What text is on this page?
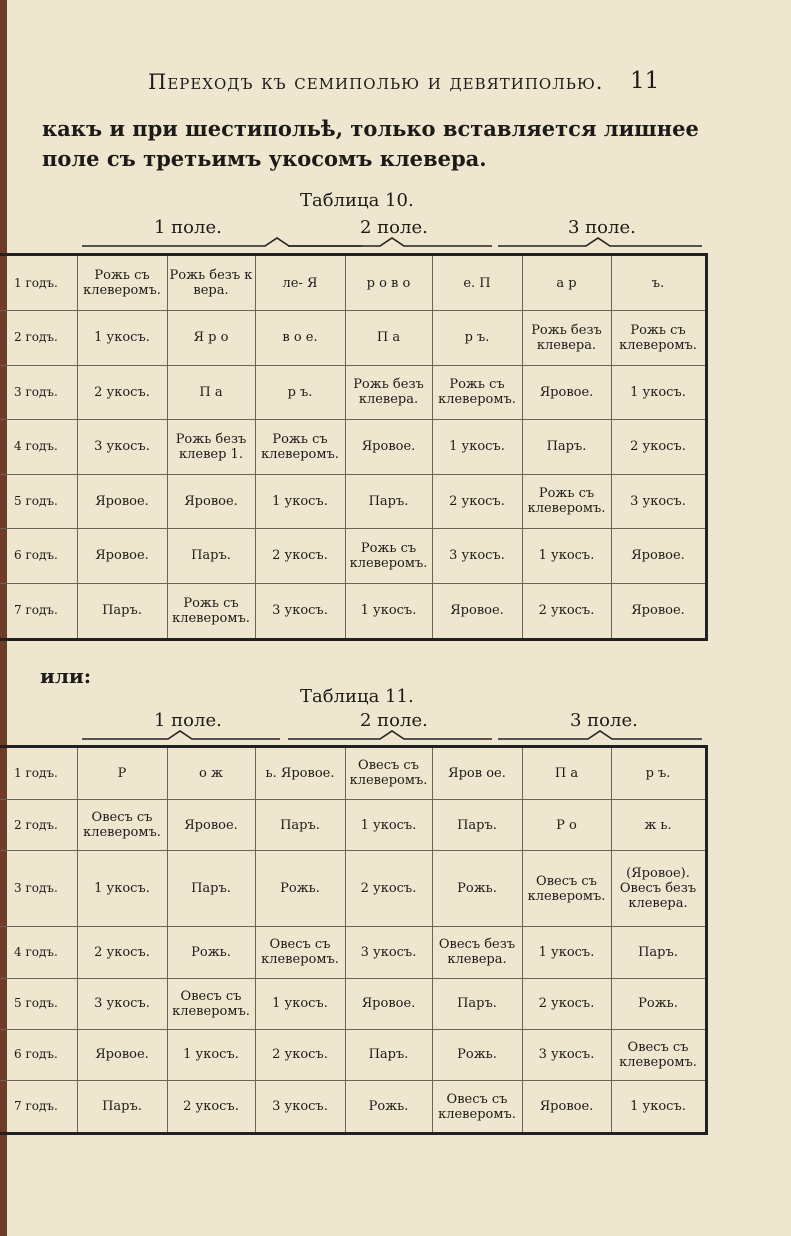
Переходъ къ семиполью и девятиполью. 11
какъ и при шестипольѣ, только вставляется лишнее поле съ третьимъ укосомъ клевера.
Таблица 10.
1 поле.	2 поле.	3 поле.
1 годъ.	Рожь съ клеверомъ.	Рожь безъ к вера.	ле- Я	р о в о	е. П	а р	ъ.
2 годъ.	1 укосъ.	Я р о	в о е.	П а	р ъ.	Рожь безъ клевера.	Рожь съ клеверомъ.
3 годъ.	2 укосъ.	П а	р ъ.	Рожь безъ клевера.	Рожь съ клеверомъ.	Яровое.	1 укосъ.
4 годъ.	3 укосъ.	Рожь безъ клевер 1.	Рожь съ клеверомъ.	Яровое.	1 укосъ.	Паръ.	2 укосъ.
5 годъ.	Яровое.	Яровое.	1 укосъ.	Паръ.	2 укосъ.	Рожь съ клеверомъ.	3 укосъ.
6 годъ.	Яровое.	Паръ.	2 укосъ.	Рожь съ клеверомъ.	3 укосъ.	1 укосъ.	Яровое.
7 годъ.	Паръ.	Рожь съ клеверомъ.	3 укосъ.	1 укосъ.	Яровое.	2 укосъ.	Яровое.
или:
Таблица 11.
1 поле.	2 поле.	3 поле.
1 годъ.	Р	о ж	ь. Яровое.	Овесъ съ клеверомъ.	Яров ое.	П а	р ъ.
2 годъ.	Овесъ съ клеверомъ.	Яровое.	Паръ.	1 укосъ.	Паръ.	Р о	ж ь.
3 годъ.	1 укосъ.	Паръ.	Рожь.	2 укосъ.	Рожь.	Овесъ съ клеверомъ.	(Яровое). Овесъ безъ клевера.
4 годъ.	2 укосъ.	Рожь.	Овесъ съ клеверомъ.	3 укосъ.	Овесъ безъ клевера.	1 укосъ.	Паръ.
5 годъ.	3 укосъ.	Овесъ съ клеверомъ.	1 укосъ.	Яровое.	Паръ.	2 укосъ.	Рожь.
6 годъ.	Яровое.	1 укосъ.	2 укосъ.	Паръ.	Рожь.	3 укосъ.	Овесъ съ клеверомъ.
7 годъ.	Паръ.	2 укосъ.	3 укосъ.	Рожь.	Овесъ съ клеверомъ.	Яровое.	1 укосъ.
